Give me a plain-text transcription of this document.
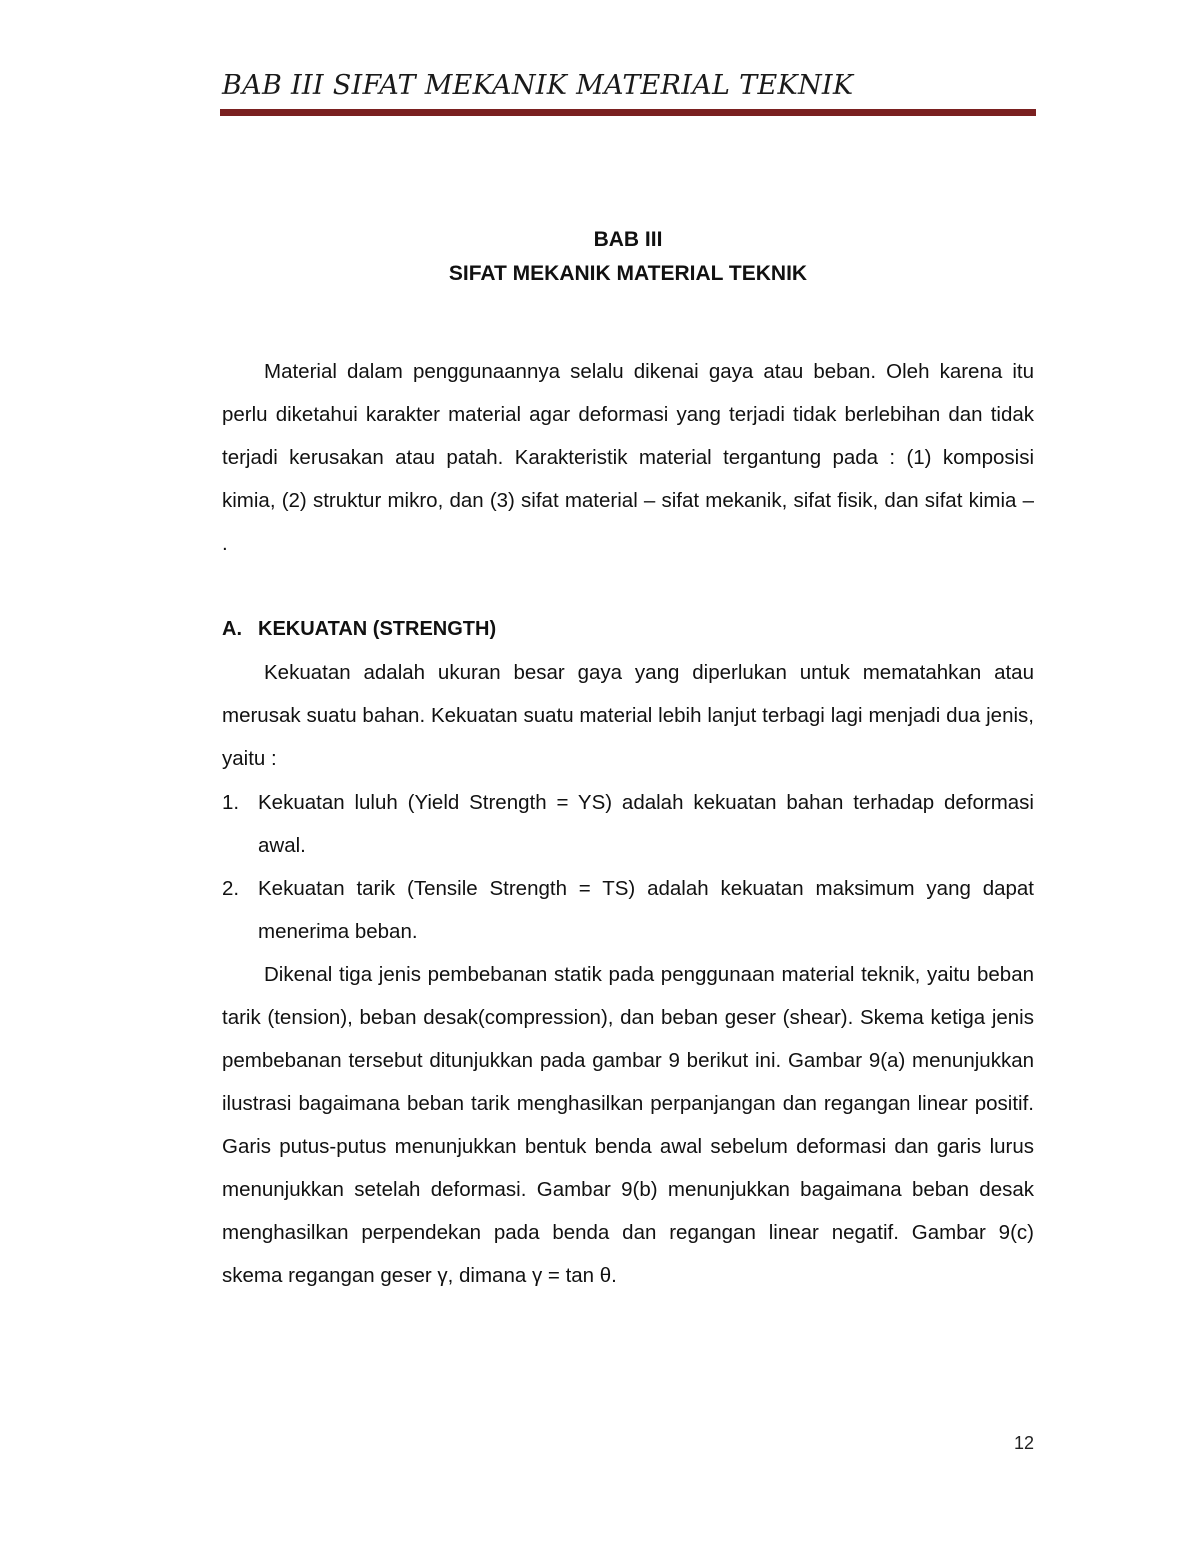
BAB III SIFAT MEKANIK MATERIAL TEKNIK
BAB III
SIFAT MEKANIK MATERIAL TEKNIK

Material dalam penggunaannya selalu dikenai gaya atau beban. Oleh karena itu perlu diketahui karakter material agar deformasi yang terjadi tidak berlebihan dan tidak terjadi kerusakan atau patah. Karakteristik material tergantung pada : (1) komposisi kimia, (2) struktur mikro, dan (3) sifat material – sifat mekanik, sifat fisik, dan sifat kimia – .

A. KEKUATAN (STRENGTH)

Kekuatan adalah ukuran besar gaya yang diperlukan untuk mematahkan atau merusak suatu bahan. Kekuatan suatu material lebih lanjut terbagi lagi menjadi dua jenis, yaitu :

1. Kekuatan luluh (Yield Strength = YS) adalah kekuatan bahan terhadap deformasi awal.
2. Kekuatan tarik (Tensile Strength = TS) adalah kekuatan maksimum yang dapat menerima beban.

Dikenal tiga jenis pembebanan statik pada penggunaan material teknik, yaitu beban tarik (tension), beban desak(compression), dan beban geser (shear). Skema ketiga jenis pembebanan tersebut ditunjukkan pada gambar 9 berikut ini. Gambar 9(a) menunjukkan ilustrasi bagaimana beban tarik menghasilkan perpanjangan dan regangan linear positif. Garis putus-putus menunjukkan bentuk benda awal sebelum deformasi dan garis lurus menunjukkan setelah deformasi. Gambar 9(b) menunjukkan bagaimana beban desak menghasilkan perpendekan pada benda dan regangan linear negatif. Gambar 9(c) skema regangan geser γ, dimana γ = tan θ.

12
